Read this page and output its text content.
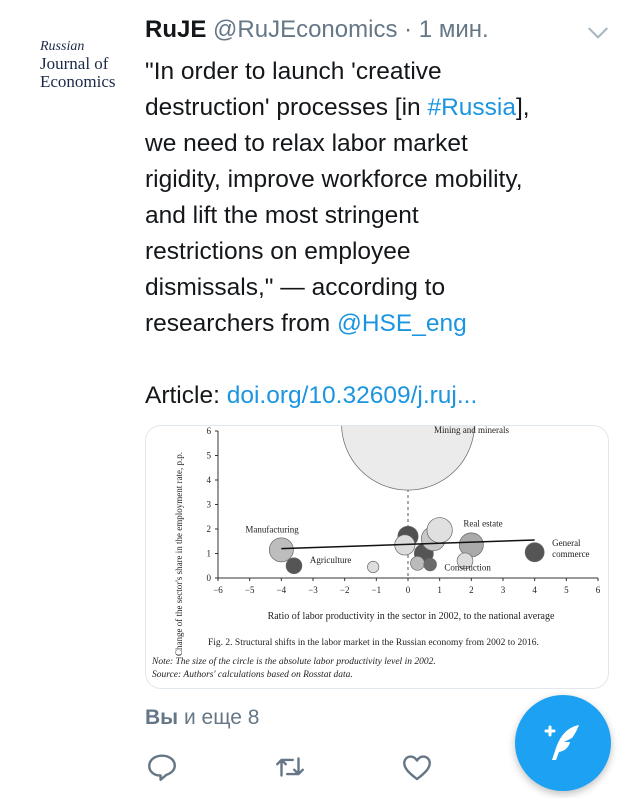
Russian
Journal of
Economics
RuJE @RuJEconomics · 1 мин.
"In order to launch 'creative
destruction' processes [in #Russia],
we need to relax labor market
rigidity, improve workforce mobility,
and lift the most stringent
restrictions on employee
dismissals," — according to
researchers from @HSE_eng

Article: doi.org/10.32609/j.ruj...
−6 −5 −4 −3 −2 −1	0	1	2	3	4	5	6
0
1
2
3
4
5
6	Mining and minerals
Manufacturing
Real estate
General
commerce
Agriculture
Construction
Change of the sector's share in the employment rate, p.p.	Ratio of labor productivity in the sector in 2002, to the national average
Fig. 2. Structural shifts in the labor market in the Russian economy from 2002 to 2016.
Note: The size of the circle is the absolute labor productivity level in 2002.
Source: Authors' calculations based on Rosstat data.
Вы и еще 8
